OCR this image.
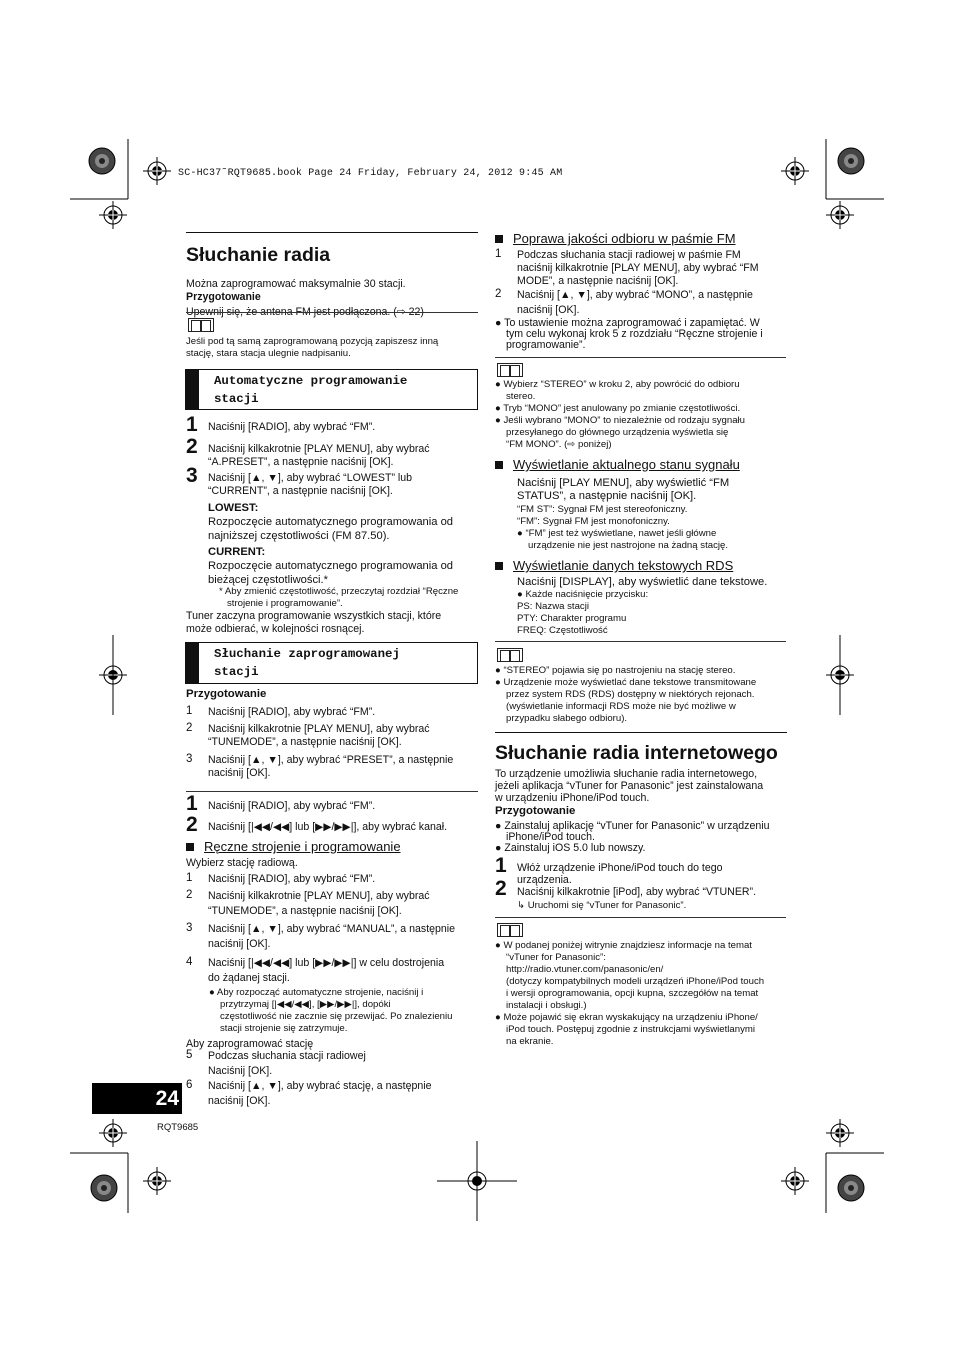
SC-HC37˜RQT9685.book Page 24 Friday, February 24, 2012 9:45 AM
Słuchanie radia

Można zaprogramować maksymalnie 30 stacji.

Przygotowanie

Upewnij się, że antena FM jest podłączona. (⇨ 22)

Jeśli pod tą samą zaprogramowaną pozycją zapiszesz inną
stację, stara stacja ulegnie nadpisaniu.
Automatyczne programowanie
stacji
1 Naciśnij [RADIO], aby wybrać “FM”.
2 Naciśnij kilkakrotnie [PLAY MENU], aby wybrać
“A.PRESET”, a następnie naciśnij [OK].
3 Naciśnij [▲, ▼], aby wybrać “LOWEST” lub
“CURRENT”, a następnie naciśnij [OK].
LOWEST:
Rozpoczęcie automatycznego programowania od
najniższej częstotliwości (FM 87.50).
CURRENT:
Rozpoczęcie automatycznego programowania od
bieżącej częstotliwości.*
* Aby zmienić częstotliwość, przeczytaj rozdział “Ręczne
strojenie i programowanie”.
Tuner zaczyna programowanie wszystkich stacji, które
może odbierać, w kolejności rosnącej.
Słuchanie zaprogramowanej
stacji
Przygotowanie
1 Naciśnij [RADIO], aby wybrać “FM”.
2 Naciśnij kilkakrotnie [PLAY MENU], aby wybrać
“TUNEMODE”, a następnie naciśnij [OK].
3 Naciśnij [▲, ▼], aby wybrać “PRESET”, a następnie
naciśnij [OK].
1 Naciśnij [RADIO], aby wybrać “FM”.
2 Naciśnij [|◀◀/◀◀] lub [▶▶/▶▶|], aby wybrać kanał.
Ręczne strojenie i programowanie
Wybierz stację radiową.
1 Naciśnij [RADIO], aby wybrać “FM”.
2 Naciśnij kilkakrotnie [PLAY MENU], aby wybrać
“TUNEMODE”, a następnie naciśnij [OK].
3 Naciśnij [▲, ▼], aby wybrać “MANUAL”, a następnie
naciśnij [OK].
4 Naciśnij [|◀◀/◀◀] lub [▶▶/▶▶|] w celu dostrojenia
do żądanej stacji.
● Aby rozpocząć automatyczne strojenie, naciśnij i
przytrzymaj [|◀◀/◀◀], [▶▶/▶▶|], dopóki
częstotliwość nie zacznie się przewijać. Po znalezieniu
stacji strojenie się zatrzymuje.
Aby zaprogramować stację
5 Podczas słuchania stacji radiowej
Naciśnij [OK].
6 Naciśnij [▲, ▼], aby wybrać stację, a następnie
naciśnij [OK].
24
RQT9685
Poprawa jakości odbioru w paśmie FM
1 Podczas słuchania stacji radiowej w paśmie FM
naciśnij kilkakrotnie [PLAY MENU], aby wybrać “FM
MODE”, a następnie naciśnij [OK].
2 Naciśnij [▲, ▼], aby wybrać “MONO”, a następnie
naciśnij [OK].
● To ustawienie można zaprogramować i zapamiętać. W
tym celu wykonaj krok 5 z rozdziału “Ręczne strojenie i
programowanie”.
● Wybierz “STEREO” w kroku 2, aby powrócić do odbioru
stereo.
● Tryb “MONO” jest anulowany po zmianie częstotliwości.
● Jeśli wybrano “MONO” to niezależnie od rodzaju sygnału
przesyłanego do głównego urządzenia wyświetla się
“FM MONO”. (⇨ poniżej)
Wyświetlanie aktualnego stanu sygnału
Naciśnij [PLAY MENU], aby wyświetlić “FM
STATUS”, a następnie naciśnij [OK].
“FM ST”: Sygnał FM jest stereofoniczny.
“FM”: Sygnał FM jest monofoniczny.
● “FM” jest też wyświetlane, nawet jeśli główne
urządzenie nie jest nastrojone na żadną stację.
Wyświetlanie danych tekstowych RDS
Naciśnij [DISPLAY], aby wyświetlić dane tekstowe.
● Każde naciśnięcie przycisku:
PS: Nazwa stacji
PTY: Charakter programu
FREQ: Częstotliwość
● “STEREO” pojawia się po nastrojeniu na stację stereo.
● Urządzenie może wyświetlać dane tekstowe transmitowane
przez system RDS (RDS) dostępny w niektórych rejonach.
(wyświetlanie informacji RDS może nie być możliwe w
przypadku słabego odbioru).
Słuchanie radia internetowego
To urządzenie umożliwia słuchanie radia internetowego,
jeżeli aplikacja “vTuner for Panasonic” jest zainstalowana
w urządzeniu iPhone/iPod touch.
Przygotowanie
● Zainstaluj aplikację “vTuner for Panasonic” w urządzeniu
iPhone/iPod touch.
● Zainstaluj iOS 5.0 lub nowszy.
1 Włóż urządzenie iPhone/iPod touch do tego
urządzenia.
2 Naciśnij kilkakrotnie [iPod], aby wybrać “VTUNER”.
↳ Uruchomi się “vTuner for Panasonic”.
● W podanej poniżej witrynie znajdziesz informacje na temat
“vTuner for Panasonic”:
http://radio.vtuner.com/panasonic/en/
(dotyczy kompatybilnych modeli urządzeń iPhone/iPod touch
i wersji oprogramowania, opcji kupna, szczegółów na temat
instalacji i obsługi.)
● Może pojawić się ekran wyskakujący na urządzeniu iPhone/
iPod touch. Postępuj zgodnie z instrukcjami wyświetlanymi
na ekranie.
